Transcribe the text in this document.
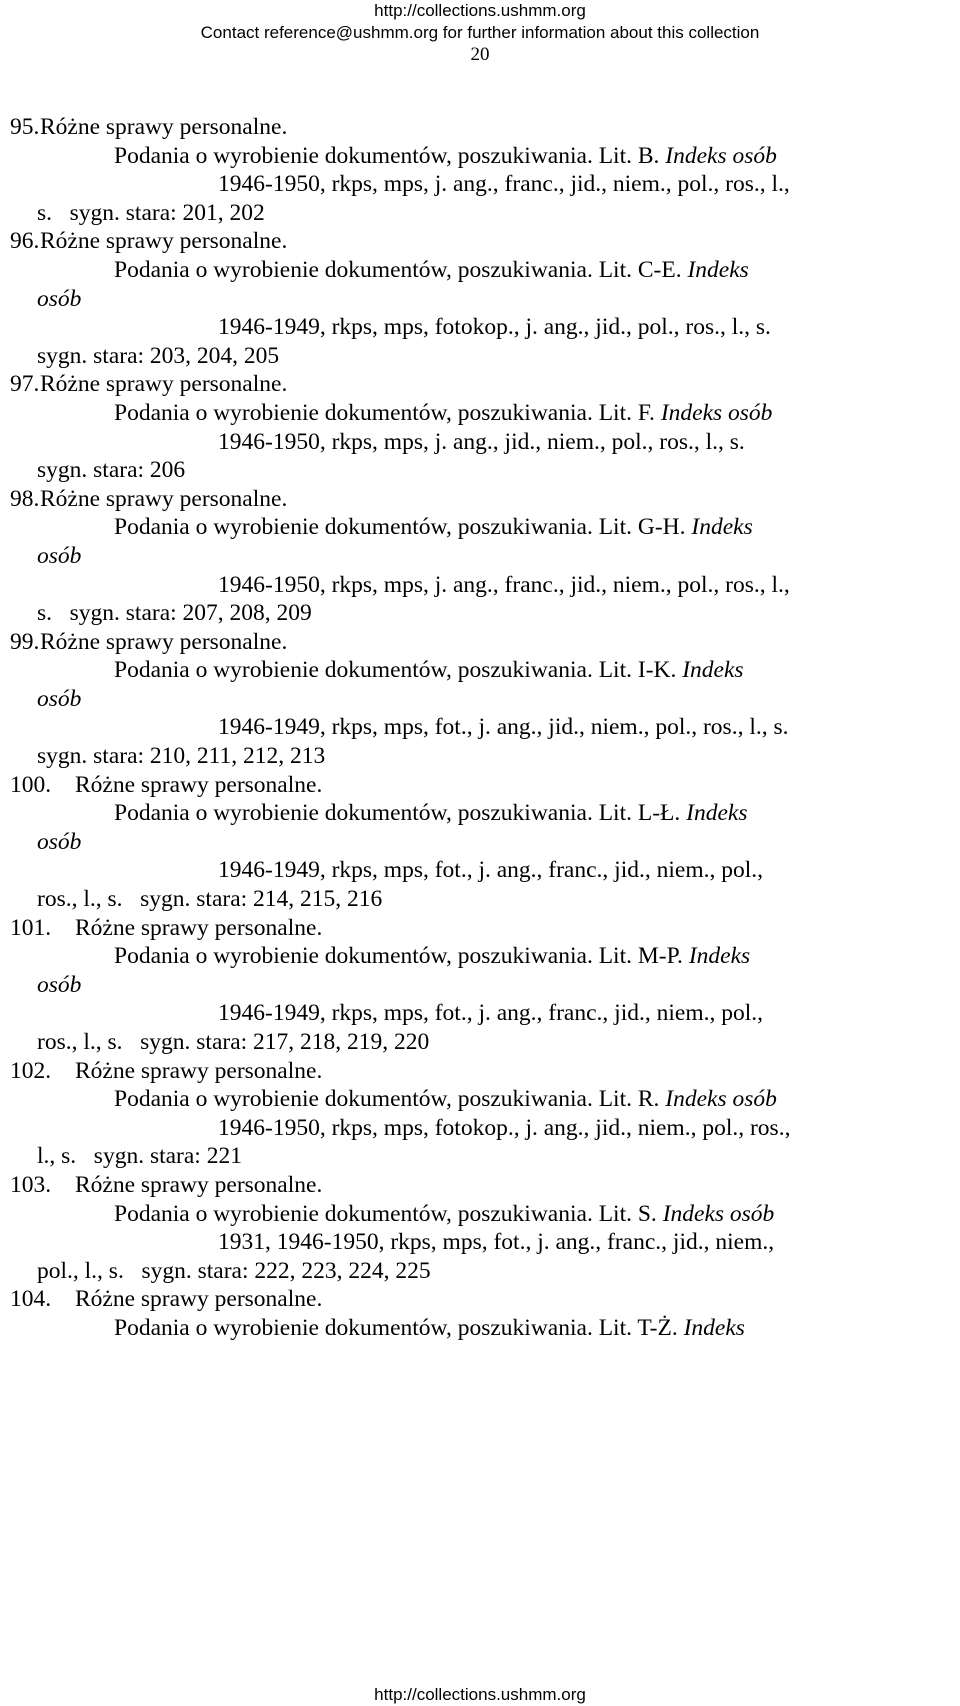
http://collections.ushmm.org
Contact reference@ushmm.org for further information about this collection
20
95.Różne sprawy personalne.
Podania o wyrobienie dokumentów, poszukiwania. Lit. B. Indeks osób
1946-1950, rkps, mps, j. ang., franc., jid., niem., pol., ros., l.,
s.   sygn. stara: 201, 202
96.Różne sprawy personalne.
Podania o wyrobienie dokumentów, poszukiwania. Lit. C-E. Indeks
osób
1946-1949, rkps, mps, fotokop., j. ang., jid., pol., ros., l., s.
sygn. stara: 203, 204, 205
97.Różne sprawy personalne.
Podania o wyrobienie dokumentów, poszukiwania. Lit. F. Indeks osób
1946-1950, rkps, mps, j. ang., jid., niem., pol., ros., l., s.
sygn. stara: 206
98.Różne sprawy personalne.
Podania o wyrobienie dokumentów, poszukiwania. Lit. G-H. Indeks
osób
1946-1950, rkps, mps, j. ang., franc., jid., niem., pol., ros., l.,
s.   sygn. stara: 207, 208, 209
99.Różne sprawy personalne.
Podania o wyrobienie dokumentów, poszukiwania. Lit. I-K. Indeks
osób
1946-1949, rkps, mps, fot., j. ang., jid., niem., pol., ros., l., s.
sygn. stara: 210, 211, 212, 213
100. Różne sprawy personalne.
Podania o wyrobienie dokumentów, poszukiwania. Lit. L-Ł. Indeks
osób
1946-1949, rkps, mps, fot., j. ang., franc., jid., niem., pol.,
ros., l., s.   sygn. stara: 214, 215, 216
101. Różne sprawy personalne.
Podania o wyrobienie dokumentów, poszukiwania. Lit. M-P. Indeks
osób
1946-1949, rkps, mps, fot., j. ang., franc., jid., niem., pol.,
ros., l., s.   sygn. stara: 217, 218, 219, 220
102. Różne sprawy personalne.
Podania o wyrobienie dokumentów, poszukiwania. Lit. R. Indeks osób
1946-1950, rkps, mps, fotokop., j. ang., jid., niem., pol., ros.,
l., s.   sygn. stara: 221
103. Różne sprawy personalne.
Podania o wyrobienie dokumentów, poszukiwania. Lit. S. Indeks osób
1931, 1946-1950, rkps, mps, fot., j. ang., franc., jid., niem.,
pol., l., s.   sygn. stara: 222, 223, 224, 225
104. Różne sprawy personalne.
Podania o wyrobienie dokumentów, poszukiwania. Lit. T-Ż. Indeks
http://collections.ushmm.org
